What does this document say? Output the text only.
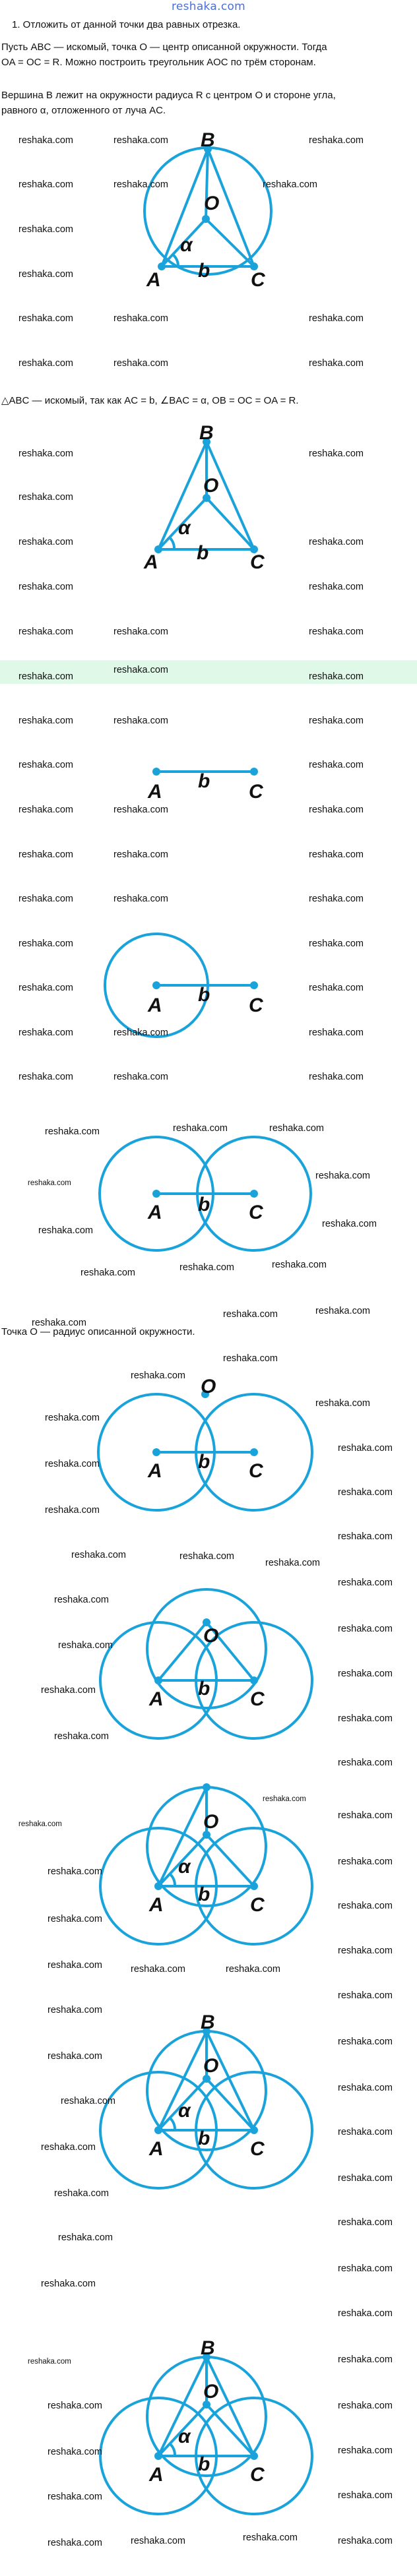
reshaka.com
1. Отложить от данной точки два равных отрезка.
Пусть ABC — искомый, точка O — центр описанной окружности. Тогда
OA = OC = R. Можно построить треугольник AOC по трём сторонам.
Вершина B лежит на окружности радиуса R с центром O и стороне угла,
равного α, отложенного от луча AC.
△ABC — искомый, так как AC = b, ∠BAC = α, OB = OC = OA = R.
Точка O — радиус описанной окружности.
A
B
C
O
α
b
A
B
C
O
α
b
A b C
A b C
A b C
O
A b C
O
A b C
O
α
A b C
B
O
α
A b C
B
O
α
A b C
reshaka.com	reshaka.com	reshaka.com
reshaka.com	reshaka.com	reshaka.com
reshaka.com
reshaka.com
reshaka.com	reshaka.com	reshaka.com
reshaka.com	reshaka.com	reshaka.com
reshaka.com	reshaka.com
reshaka.com
reshaka.com	reshaka.com
reshaka.com	reshaka.com
reshaka.com	reshaka.com	reshaka.com
reshaka.com
reshaka.com	reshaka.com
reshaka.com	reshaka.com	reshaka.com
reshaka.com	reshaka.com
reshaka.com	reshaka.com	reshaka.com
reshaka.com	reshaka.com	reshaka.com
reshaka.com	reshaka.com	reshaka.com
reshaka.com	reshaka.com
reshaka.com	reshaka.com
reshaka.com	reshaka.com	reshaka.com
reshaka.com	reshaka.com	reshaka.com
reshaka.com	reshaka.com	reshaka.com
reshaka.com
reshaka.com
reshaka.com
reshaka.com
reshaka.com	reshaka.com	reshaka.com
reshaka.com	reshaka.com
reshaka.com
reshaka.com
reshaka.com
reshaka.com
reshaka.com
reshaka.com
reshaka.com
reshaka.com
reshaka.com
reshaka.com
reshaka.com	reshaka.com
reshaka.com
reshaka.com
reshaka.com
reshaka.com
reshaka.com
reshaka.com
reshaka.com
reshaka.com
reshaka.com
reshaka.com
reshaka.com
reshaka.com
reshaka.com
reshaka.com
reshaka.com
reshaka.com
reshaka.com
reshaka.com
reshaka.com	reshaka.com	reshaka.com
reshaka.com
reshaka.com
reshaka.com
reshaka.com
reshaka.com
reshaka.com
reshaka.com
reshaka.com
reshaka.com
reshaka.com
reshaka.com
reshaka.com
reshaka.com
reshaka.com
reshaka.com
reshaka.com	reshaka.com
reshaka.com	reshaka.com
reshaka.com	reshaka.com
reshaka.com	reshaka.com
reshaka.com	reshaka.com	reshaka.com
reshaka.com
